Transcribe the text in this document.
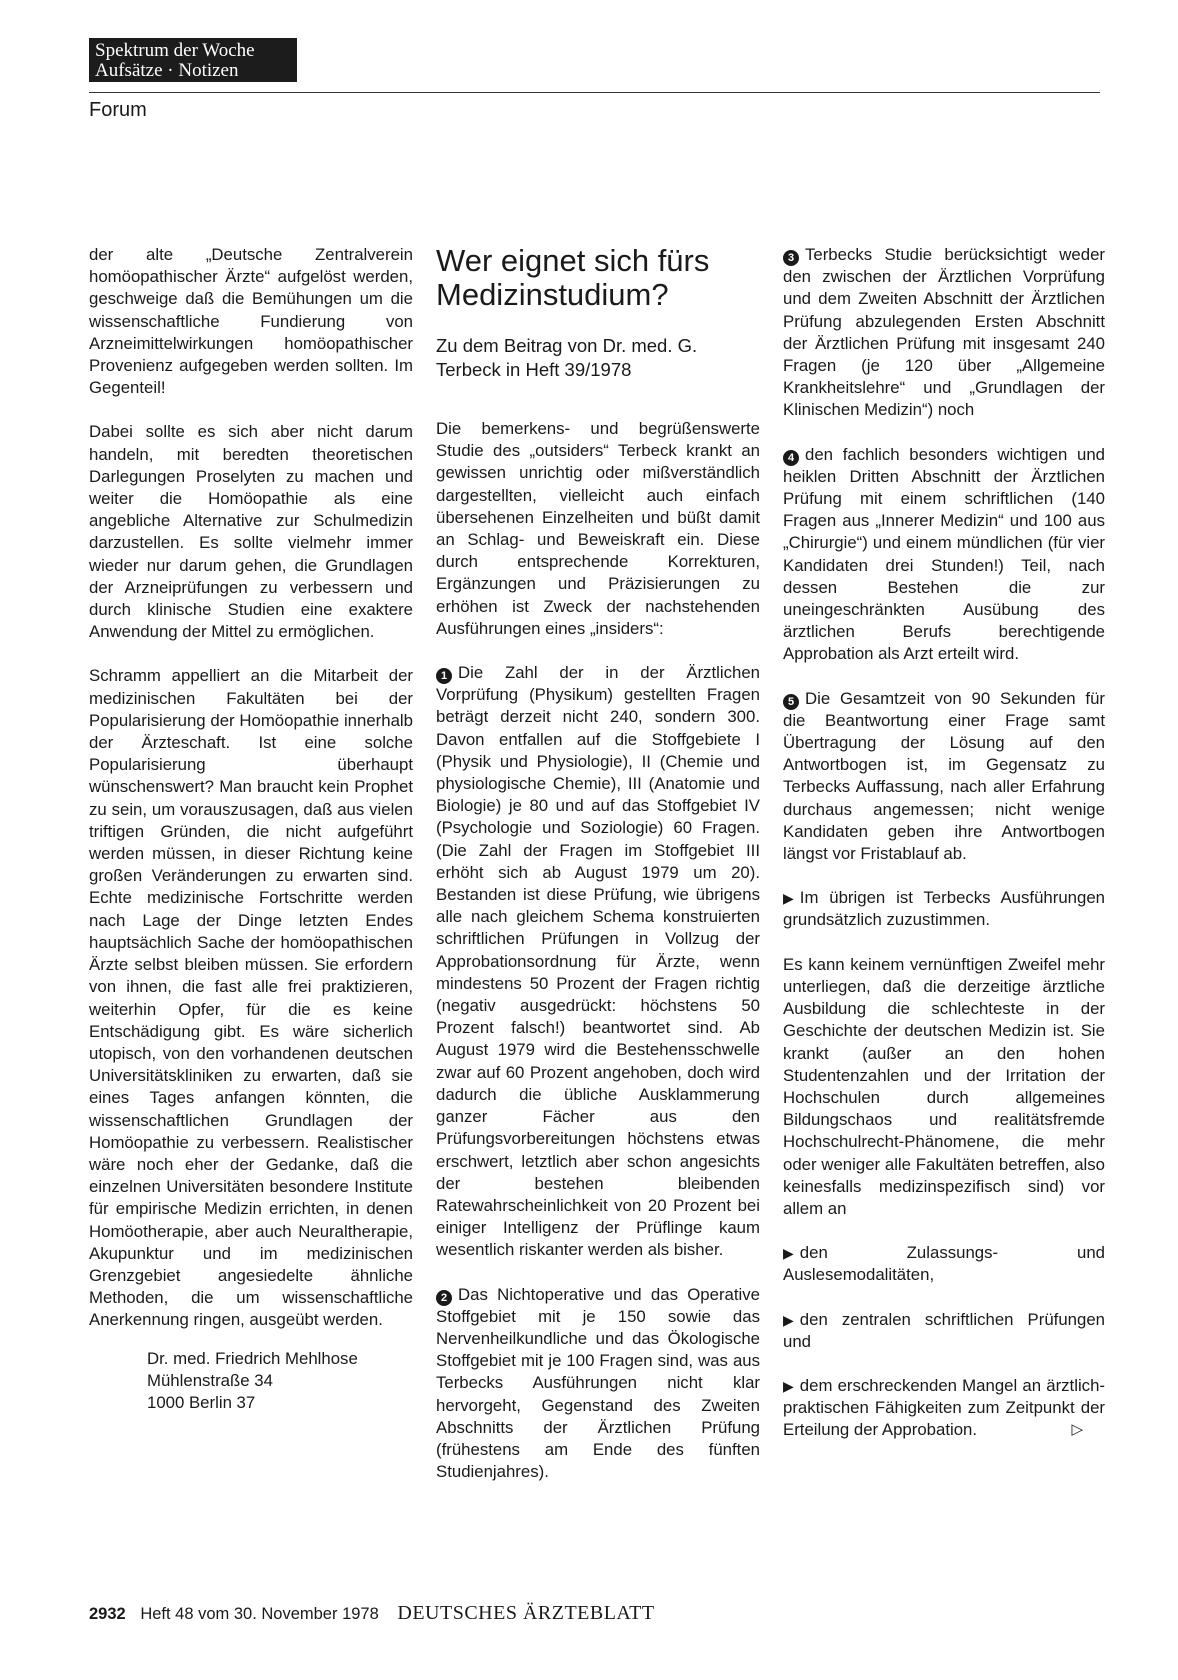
Spektrum der Woche
Aufsätze · Notizen
Forum

der alte „Deutsche Zentralverein homöopathischer Ärzte“ aufgelöst werden, geschweige daß die Bemühungen um die wissenschaftliche Fundierung von Arzneimittelwirkungen homöopathischer Provenienz aufgegeben werden sollten. Im Gegenteil!

Dabei sollte es sich aber nicht darum handeln, mit beredten theoretischen Darlegungen Proselyten zu machen und weiter die Homöopathie als eine angebliche Alternative zur Schulmedizin darzustellen. Es sollte vielmehr immer wieder nur darum gehen, die Grundlagen der Arzneiprüfungen zu verbessern und durch klinische Studien eine exaktere Anwendung der Mittel zu ermöglichen.

Schramm appelliert an die Mitarbeit der medizinischen Fakultäten bei der Popularisierung der Homöopathie innerhalb der Ärzteschaft. Ist eine solche Popularisierung überhaupt wünschenswert? Man braucht kein Prophet zu sein, um vorauszusagen, daß aus vielen triftigen Gründen, die nicht aufgeführt werden müssen, in dieser Richtung keine großen Veränderungen zu erwarten sind. Echte medizinische Fortschritte werden nach Lage der Dinge letzten Endes hauptsächlich Sache der homöopathischen Ärzte selbst bleiben müssen. Sie erfordern von ihnen, die fast alle frei praktizieren, weiterhin Opfer, für die es keine Entschädigung gibt. Es wäre sicherlich utopisch, von den vorhandenen deutschen Universitätskliniken zu erwarten, daß sie eines Tages anfangen könnten, die wissenschaftlichen Grundlagen der Homöopathie zu verbessern. Realistischer wäre noch eher der Gedanke, daß die einzelnen Universitäten besondere Institute für empirische Medizin errichten, in denen Homöotherapie, aber auch Neuraltherapie, Akupunktur und im medizinischen Grenzgebiet angesiedelte ähnliche Methoden, die um wissenschaftliche Anerkennung ringen, ausgeübt werden.

Dr. med. Friedrich Mehlhose
Mühlenstraße 34
1000 Berlin 37

Wer eignet sich fürs Medizinstudium?

Zu dem Beitrag von Dr. med. G. Terbeck in Heft 39/1978

Die bemerkens- und begrüßenswerte Studie des „outsiders“ Terbeck krankt an gewissen unrichtig oder mißverständlich dargestellten, vielleicht auch einfach übersehenen Einzelheiten und büßt damit an Schlag- und Beweiskraft ein. Diese durch entsprechende Korrekturen, Ergänzungen und Präzisierungen zu erhöhen ist Zweck der nachstehenden Ausführungen eines „insiders“:

1 Die Zahl der in der Ärztlichen Vorprüfung (Physikum) gestellten Fragen beträgt derzeit nicht 240, sondern 300. Davon entfallen auf die Stoffgebiete I (Physik und Physiologie), II (Chemie und physiologische Chemie), III (Anatomie und Biologie) je 80 und auf das Stoffgebiet IV (Psychologie und Soziologie) 60 Fragen. (Die Zahl der Fragen im Stoffgebiet III erhöht sich ab August 1979 um 20). Bestanden ist diese Prüfung, wie übrigens alle nach gleichem Schema konstruierten schriftlichen Prüfungen in Vollzug der Approbationsordnung für Ärzte, wenn mindestens 50 Prozent der Fragen richtig (negativ ausgedrückt: höchstens 50 Prozent falsch!) beantwortet sind. Ab August 1979 wird die Bestehensschwelle zwar auf 60 Prozent angehoben, doch wird dadurch die übliche Ausklammerung ganzer Fächer aus den Prüfungsvorbereitungen höchstens etwas erschwert, letztlich aber schon angesichts der bestehen bleibenden Ratewahrscheinlichkeit von 20 Prozent bei einiger Intelligenz der Prüflinge kaum wesentlich riskanter werden als bisher.

2 Das Nichtoperative und das Operative Stoffgebiet mit je 150 sowie das Nervenheilkundliche und das Ökologische Stoffgebiet mit je 100 Fragen sind, was aus Terbecks Ausführungen nicht klar hervorgeht, Gegenstand des Zweiten Abschnitts der Ärztlichen Prüfung (frühestens am Ende des fünften Studienjahres).

3 Terbecks Studie berücksichtigt weder den zwischen der Ärztlichen Vorprüfung und dem Zweiten Abschnitt der Ärztlichen Prüfung abzulegenden Ersten Abschnitt der Ärztlichen Prüfung mit insgesamt 240 Fragen (je 120 über „Allgemeine Krankheitslehre“ und „Grundlagen der Klinischen Medizin“) noch

4 den fachlich besonders wichtigen und heiklen Dritten Abschnitt der Ärztlichen Prüfung mit einem schriftlichen (140 Fragen aus „Innerer Medizin“ und 100 aus „Chirurgie“) und einem mündlichen (für vier Kandidaten drei Stunden!) Teil, nach dessen Bestehen die zur uneingeschränkten Ausübung des ärztlichen Berufs berechtigende Approbation als Arzt erteilt wird.

5 Die Gesamtzeit von 90 Sekunden für die Beantwortung einer Frage samt Übertragung der Lösung auf den Antwortbogen ist, im Gegensatz zu Terbecks Auffassung, nach aller Erfahrung durchaus angemessen; nicht wenige Kandidaten geben ihre Antwortbogen längst vor Fristablauf ab.

▶ Im übrigen ist Terbecks Ausführungen grundsätzlich zuzustimmen.

Es kann keinem vernünftigen Zweifel mehr unterliegen, daß die derzeitige ärztliche Ausbildung die schlechteste in der Geschichte der deutschen Medizin ist. Sie krankt (außer an den hohen Studentenzahlen und der Irritation der Hochschulen durch allgemeines Bildungschaos und realitätsfremde Hochschulrecht-Phänomene, die mehr oder weniger alle Fakultäten betreffen, also keinesfalls medizinspezifisch sind) vor allem an

▶ den Zulassungs- und Auslesemodalitäten,

▶ den zentralen schriftlichen Prüfungen und

▶ dem erschreckenden Mangel an ärztlich-praktischen Fähigkeiten zum Zeitpunkt der Erteilung der Approbation.	▷

2932 Heft 48 vom 30. November 1978 DEUTSCHES ÄRZTEBLATT
